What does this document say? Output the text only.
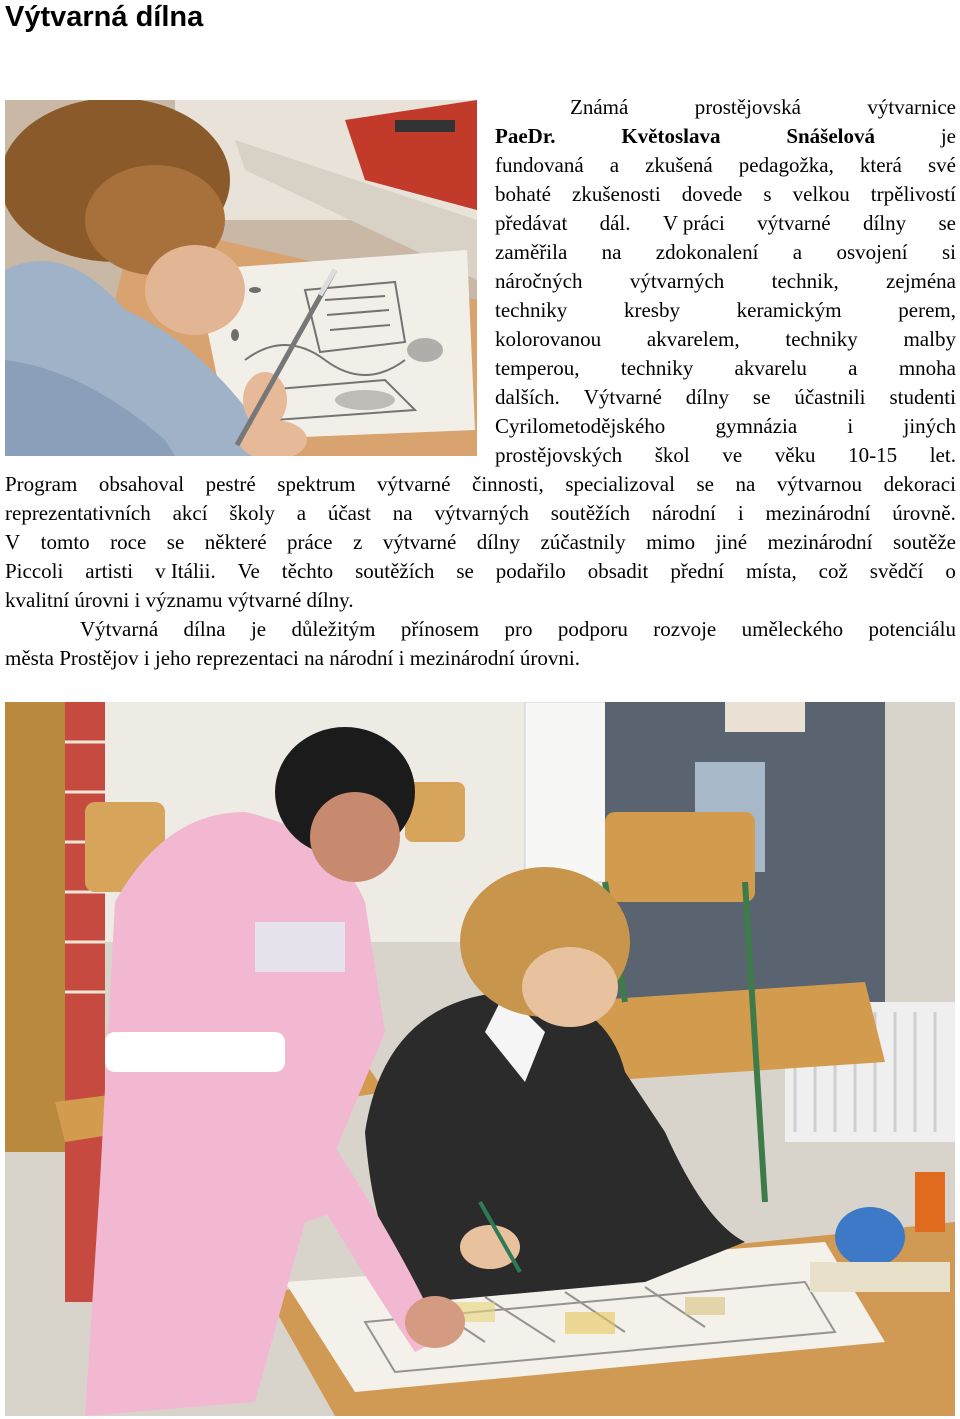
Výtvarná dílna
Známá	prostějovská	výtvarnice
PaeDr.	Květoslava	Snášelová	je
fundovaná a zkušená pedagožka, která své
bohaté zkušenosti dovede s velkou trpělivostí
předávat dál. V práci výtvarné dílny se
zaměřila na zdokonalení a osvojení si
náročných výtvarných technik, zejména
techniky	kresby	keramickým	perem,
kolorovanou akvarelem, techniky malby
temperou, techniky akvarelu a mnoha
dalších. Výtvarné dílny se účastnili studenti
Cyrilometodějského gymnázia i jiných
prostějovských škol ve věku 10-15 let.
Program obsahoval pestré spektrum výtvarné činnosti, specializoval se na výtvarnou dekoraci
reprezentativních akcí školy a účast na výtvarných soutěžích národní i mezinárodní úrovně.
V tomto roce se některé práce z výtvarné dílny zúčastnily mimo jiné mezinárodní soutěže
Piccoli artisti v Itálii. Ve těchto soutěžích se podařilo obsadit přední místa, což svědčí o
kvalitní úrovni i významu výtvarné dílny.
Výtvarná dílna je důležitým přínosem pro podporu rozvoje uměleckého potenciálu
města Prostějov i jeho reprezentaci na národní i mezinárodní úrovni.
